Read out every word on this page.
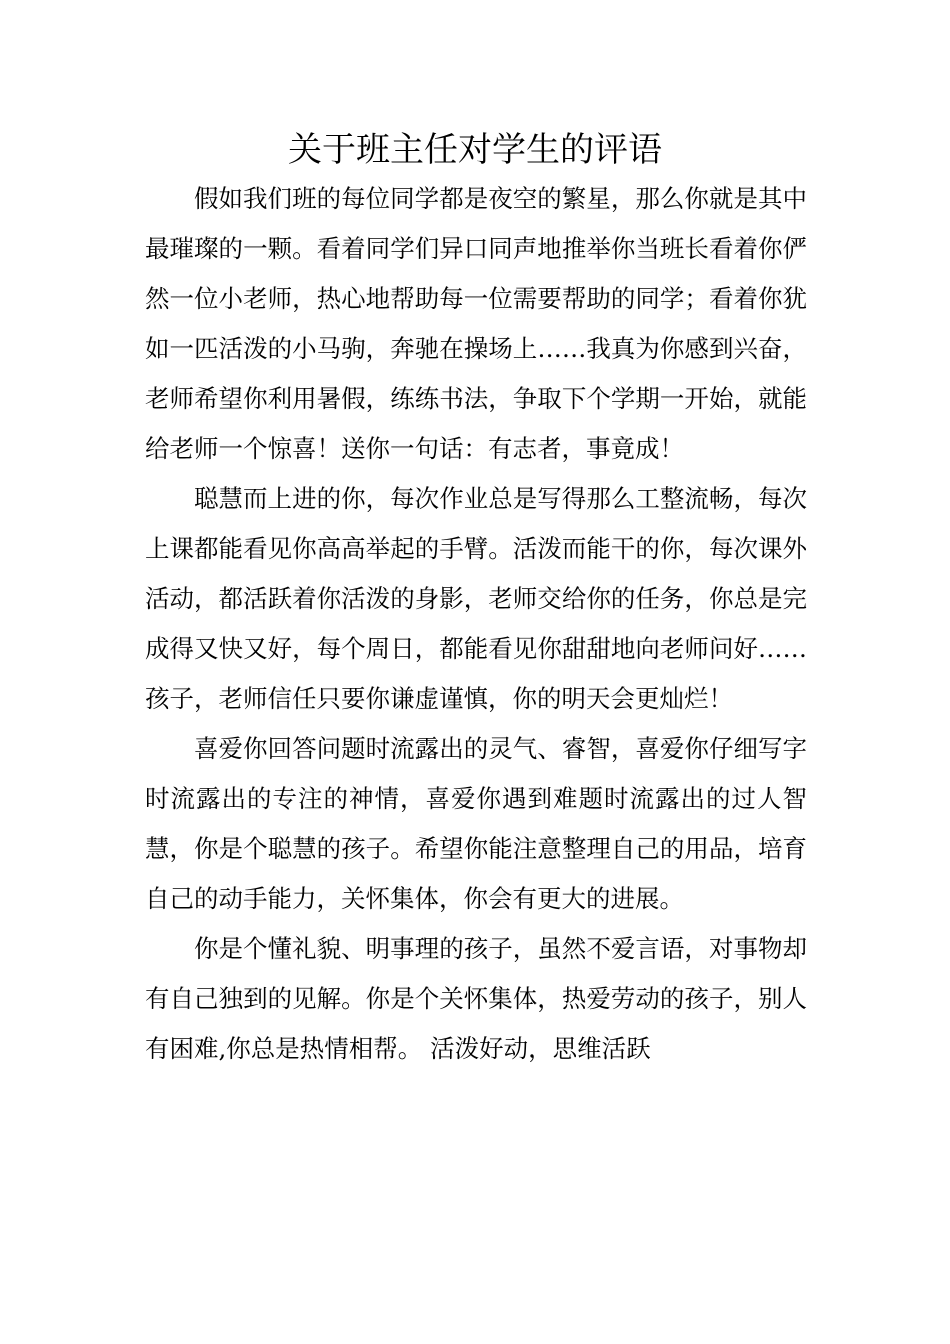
关于班主任对学生的评语

假如我们班的每位同学都是夜空的繁星，那么你就是其中最璀璨的一颗。看着同学们异口同声地推举你当班长看着你俨然一位小老师，热心地帮助每一位需要帮助的同学；看着你犹如一匹活泼的小马驹，奔驰在操场上……我真为你感到兴奋，老师希望你利用暑假，练练书法，争取下个学期一开始，就能给老师一个惊喜！送你一句话：有志者，事竟成！

聪慧而上进的你，每次作业总是写得那么工整流畅，每次上课都能看见你高高举起的手臂。活泼而能干的你，每次课外活动，都活跃着你活泼的身影，老师交给你的任务，你总是完成得又快又好，每个周日，都能看见你甜甜地向老师问好……孩子，老师信任只要你谦虚谨慎，你的明天会更灿烂！

喜爱你回答问题时流露出的灵气、睿智，喜爱你仔细写字时流露出的专注的神情，喜爱你遇到难题时流露出的过人智慧，你是个聪慧的孩子。希望你能注意整理自己的用品，培育自己的动手能力，关怀集体，你会有更大的进展。

你是个懂礼貌、明事理的孩子，虽然不爱言语，对事物却有自己独到的见解。你是个关怀集体，热爱劳动的孩子，别人有困难,你总是热情相帮。 活泼好动，思维活跃
